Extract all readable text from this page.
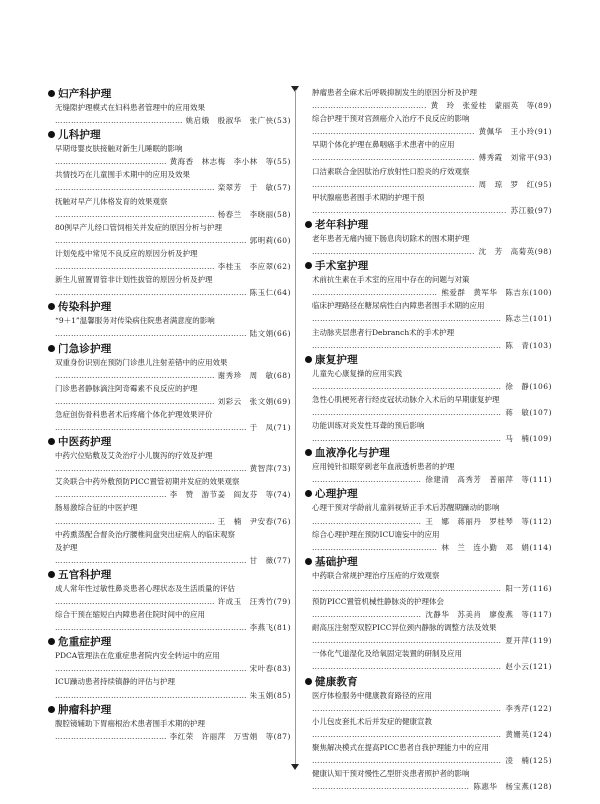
妇产科护理
无缝隙护理模式在妇科患者管理中的应用效果
……………………………………………………………………………………………………………………
姚启娥　殷淑华　张广侠(53)
儿科护理
早期母婴皮肤接触对新生儿睡眠的影响
……………………………………………………………………………………………………………………
黄海香　林志梅　李小林　等(55)
共情技巧在儿童围手术期中的应用及效果
……………………………………………………………………………………………………………………
栾翠芳　于　敏(57)
抚触对早产儿体格发育的效果观察
……………………………………………………………………………………………………………………
杨春兰　李晓丽(58)
80例早产儿经口管饲相关并发症的原因分析与护理
……………………………………………………………………………………………………………………
郭明莉(60)
计划免疫中常见不良反应的原因分析及护理
……………………………………………………………………………………………………………………
李桂玉　李应翠(62)
新生儿留置胃管非计划性拔管的原因分析及护理
……………………………………………………………………………………………………………………
陈玉仁(64)
传染科护理
“9＋1”温馨服务对传染病住院患者满意度的影响
……………………………………………………………………………………………………………………
陆文娟(66)
门急诊护理
双重身份识别在预防门诊患儿注射差错中的应用效果
……………………………………………………………………………………………………………………
谢秀珍　周　敏(68)
门诊患者静脉滴注阿奇霉素不良反应的护理
……………………………………………………………………………………………………………………
刘彩云　张文娟(69)
急症创伤骨科患者术后疼痛个体化护理效果评价
……………………………………………………………………………………………………………………
于　凤(71)
中医药护理
中药穴位贴敷及艾灸治疗小儿腹泻的疗效及护理
……………………………………………………………………………………………………………………
黄智萍(73)
艾灸联合中药外敷预防PICC置管初期并发症的效果观察
……………………………………………………………………………………………………………………
李　赞　游节姜　阎友芬　等(74)
肠易激综合征的中医护理
……………………………………………………………………………………………………………………
王　楠　尹安春(76)
中药熏蒸配合督灸治疗腰椎间盘突出症病人的临床观察
及护理
……………………………………………………………………………………………………………………
甘　薇(77)
五官科护理
成人常年性过敏性鼻炎患者心理状态及生活质量的评估
……………………………………………………………………………………………………………………
许成玉　汪秀竹(79)
综合干预在缩短白内障患者住院时间中的应用
……………………………………………………………………………………………………………………
李燕飞(81)
危重症护理
PDCA管理法在危重症患者院内安全转运中的应用
……………………………………………………………………………………………………………………
宋叶春(83)
ICU躁动患者持续镇静的评估与护理
……………………………………………………………………………………………………………………
朱玉娟(85)
肿瘤科护理
腹腔镜辅助下胃癌根治术患者围手术期的护理
……………………………………………………………………………………………………………………
李红荣　许丽萍　万雪娟　等(87)
肿瘤患者全麻术后呼吸抑制发生的原因分析及护理
……………………………………………………………………………………………………………………
黄　玲　张爱桂　蒙丽英　等(89)
综合护理干预对宫颈癌介入治疗不良反应的影响
……………………………………………………………………………………………………………………
黄佩华　王小玲(91)
早期个体化护理在鼻咽癌手术患者中的应用
……………………………………………………………………………………………………………………
傅秀霞　刘常平(93)
口洁素联合金因肽治疗放射性口腔炎的疗效观察
……………………………………………………………………………………………………………………
周　琼　罗　红(95)
甲状腺癌患者围手术期的护理干预
……………………………………………………………………………………………………………………
苏江毅(97)
老年科护理
老年患者无痛内镜下肠息肉切除术的围术期护理
……………………………………………………………………………………………………………………
沈　芳　高菊英(98)
手术室护理
术前抗生素在手术室的应用中存在的问题与对策
……………………………………………………………………………………………………………………
熊爱群　黄军华　陈吉东(100)
临床护理路径在糖尿病性白内障患者围手术期的应用
……………………………………………………………………………………………………………………
陈志兰(101)
主动脉夹层患者行Debranch术的手术护理
……………………………………………………………………………………………………………………
陈　青(103)
康复护理
儿童先心康复操的应用实践
……………………………………………………………………………………………………………………
徐　静(106)
急性心肌梗死者行经皮冠状动脉介入术后的早期康复护理
……………………………………………………………………………………………………………………
蒋　敏(107)
功能训练对炎发性耳聋的预后影响
……………………………………………………………………………………………………………………
马　楠(109)
血液净化与护理
应用钝针扣眼穿刺老年血液透析患者的护理
……………………………………………………………………………………………………………………
徐建清　高秀芳　普丽萍　等(111)
心理护理
心理干预对学龄前儿童斜视矫正手术后苏醒期躁动的影响
……………………………………………………………………………………………………………………
王　娜　蒋丽丹　罗桂琴　等(112)
综合心理护理在预防ICU谵妄中的应用
……………………………………………………………………………………………………………………
林　兰　连小勤　邓　娟(114)
基础护理
中药联合常规护理治疗压疮的疗效观察
……………………………………………………………………………………………………………………
阳一芳(116)
预防PICC置管机械性静脉炎的护理体会
……………………………………………………………………………………………………………………
沈静华　苏美肖　廖俊燕　等(117)
耐高压注射型双腔PICC异位颈内静脉的调整方法及效果
……………………………………………………………………………………………………………………
夏开萍(119)
一体化气道湿化及给氧固定装置的研制及应用
……………………………………………………………………………………………………………………
赵小云(121)
健康教育
医疗体检服务中健康教育路径的应用
……………………………………………………………………………………………………………………
李秀芹(122)
小儿包皮套扎术后并发症的健康宣教
……………………………………………………………………………………………………………………
黄姗英(124)
聚焦解决模式在提高PICC患者自我护理能力中的应用
……………………………………………………………………………………………………………………
凌　楠(125)
健康认知干预对慢性乙型肝炎患者照护者的影响
……………………………………………………………………………………………………………………
陈惠华　杨宝燕(128)
